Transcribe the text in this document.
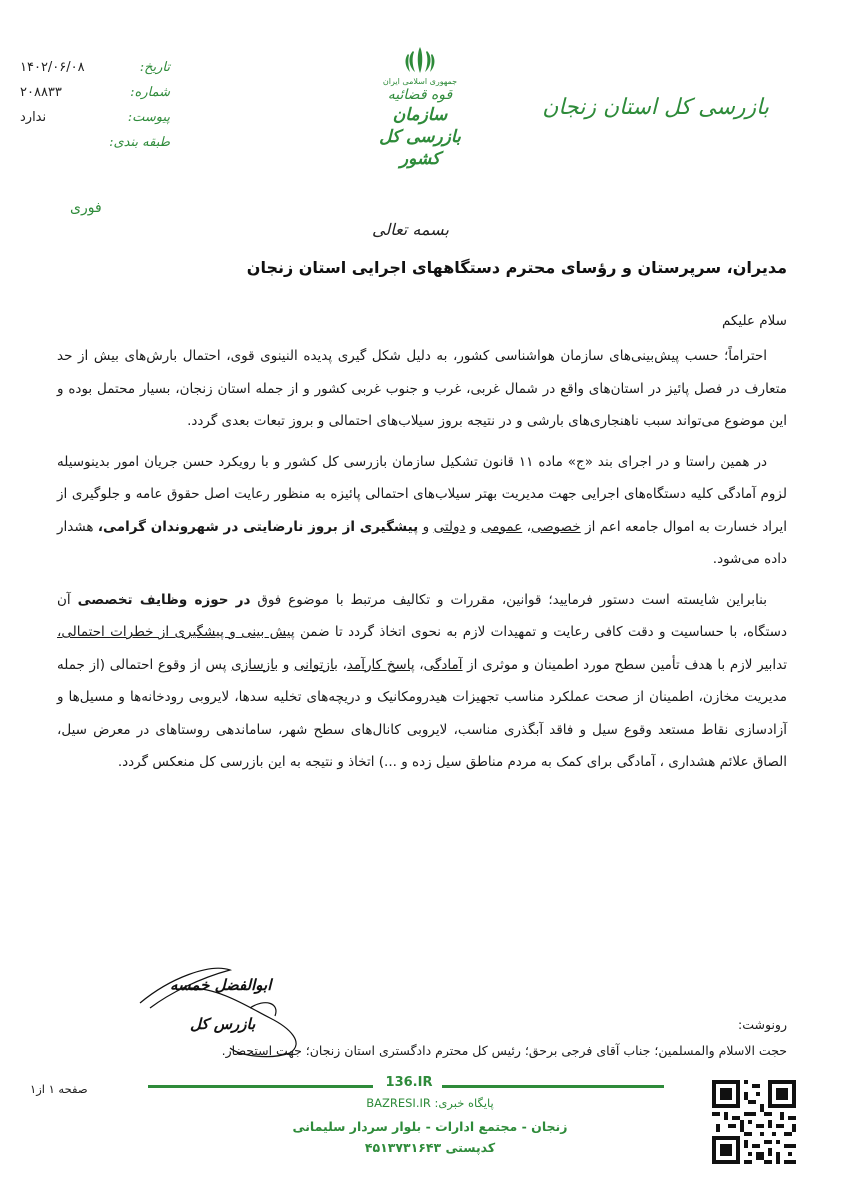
تاریخ:
۱۴۰۲/۰۶/۰۸
شماره:
۲۰۸۸۳۳
پیوست:
ندارد
طبقه بندی:
فوری
جمهوری اسلامی ایران
قوه قضائیه
سازمان بازرسی کل کشور
بازرسی کل استان زنجان
بسمه تعالی
مدیران، سرپرستان و رؤسای محترم دستگاههای اجرایی استان زنجان
سلام علیکم

احتراماً؛ حسب پیش‌بینی‌های سازمان هواشناسی کشور، به دلیل شکل گیری پدیده النینوی قوی، احتمال بارش‌های بیش از حد متعارف در فصل پائیز در استان‌های واقع در شمال غربی، غرب و جنوب غربی کشور و از جمله استان زنجان، بسیار محتمل بوده و این موضوع می‌تواند سبب ناهنجاری‌های بارشی و در نتیجه بروز سیلاب‌های احتمالی و بروز تبعات بعدی گردد.

در همین راستا و در اجرای بند «ج» ماده ۱۱ قانون تشکیل سازمان بازرسی کل کشور و با رویکرد حسن جریان امور بدینوسیله لزوم آمادگی کلیه دستگاه‌های اجرایی جهت مدیریت بهتر سیلاب‌های احتمالی پائیزه به منظور رعایت اصل حقوق عامه و جلوگیری از ایراد خسارت به اموال جامعه اعم از خصوصی، عمومی و دولتی و پیشگیری از بروز نارضایتی در شهروندان گرامی، هشدار داده می‌شود.

بنابراین شایسته است دستور فرمایید؛ قوانین، مقررات و تکالیف مرتبط با موضوع فوق در حوزه وظایف تخصصی آن دستگاه، با حساسیت و دقت کافی رعایت و تمهیدات لازم به نحوی اتخاذ گردد تا ضمن پیش بینی و پیشگیری از خطرات احتمالی، تدابیر لازم با هدف تأمین سطح مورد اطمینان و موثری از آمادگی، پاسخ کارآمد، بازتوانی و بازسازی پس از وقوع احتمالی (از جمله مدیریت مخازن، اطمینان از صحت عملکرد مناسب تجهیزات هیدرومکانیک و دریچه‌های تخلیه سدها، لایروبی رودخانه‌ها و مسیل‌ها و آزادسازی نقاط مستعد وقوع سیل و فاقد آبگذری مناسب، لایروبی کانال‌های سطح شهر، ساماندهی روستاهای در معرض سیل، الصاق علائم هشداری ، آمادگی برای کمک به مردم مناطق سیل زده و ...) اتخاذ و نتیجه به این بازرسی کل منعکس گردد.

ابوالفضل خمسه
بازرس کل	رونوشت:
حجت الاسلام والمسلمین؛ جناب آقای فرجی برحق؛ رئیس کل محترم دادگستری استان زنجان؛ جهت استحضار.
صفحه ۱ از۱	136.IR
پایگاه خبری: BAZRESI.IR
زنجان - مجتمع ادارات - بلوار سردار سلیمانی
کدپستی ۴۵۱۳۷۳۱۶۴۳
